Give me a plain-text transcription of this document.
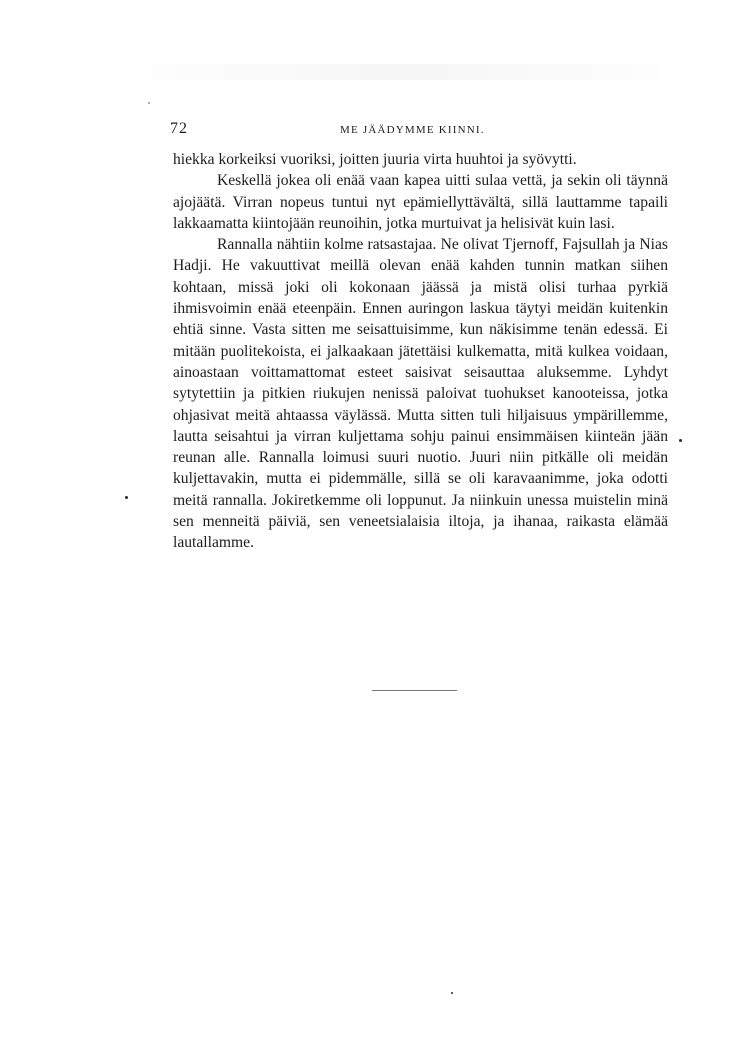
72	ME JÄÄDYMME KIINNI.

hiekka korkeiksi vuoriksi, joitten juuria virta huuhtoi ja syövytti.

Keskellä jokea oli enää vaan kapea uitti sulaa vettä, ja sekin oli täynnä ajojäätä. Virran nopeus tuntui nyt epämiellyttävältä, sillä lauttamme tapaili lakkaamatta kiintojään reunoihin, jotka murtuivat ja helisivät kuin lasi.

Rannalla nähtiin kolme ratsastajaa. Ne olivat Tjernoff, Fajsullah ja Nias Hadji. He vakuuttivat meillä olevan enää kahden tunnin matkan siihen kohtaan, missä joki oli kokonaan jäässä ja mistä olisi turhaa pyrkiä ihmisvoimin enää eteenpäin. Ennen auringon laskua täytyi meidän kuitenkin ehtiä sinne. Vasta sitten me seisattuisimme, kun näkisimme tenän edessä. Ei mitään puolitekoista, ei jalkaakaan jätettäisi kulkematta, mitä kulkea voidaan, ainoastaan voittamattomat esteet saisivat seisauttaa aluksemme. Lyhdyt sytytettiin ja pitkien riukujen nenissä paloivat tuohukset kanooteissa, jotka ohjasivat meitä ahtaassa väylässä. Mutta sitten tuli hiljaisuus ympärillemme, lautta seisahtui ja virran kuljettama sohju painui ensimmäisen kiinteän jään reunan alle. Rannalla loimusi suuri nuotio. Juuri niin pitkälle oli meidän kuljettavakin, mutta ei pidemmälle, sillä se oli karavaanimme, joka odotti meitä rannalla. Jokiretkemme oli loppunut. Ja niinkuin unessa muistelin minä sen menneitä päiviä, sen veneetsialaisia iltoja, ja ihanaa, raikasta elämää lautallamme.
